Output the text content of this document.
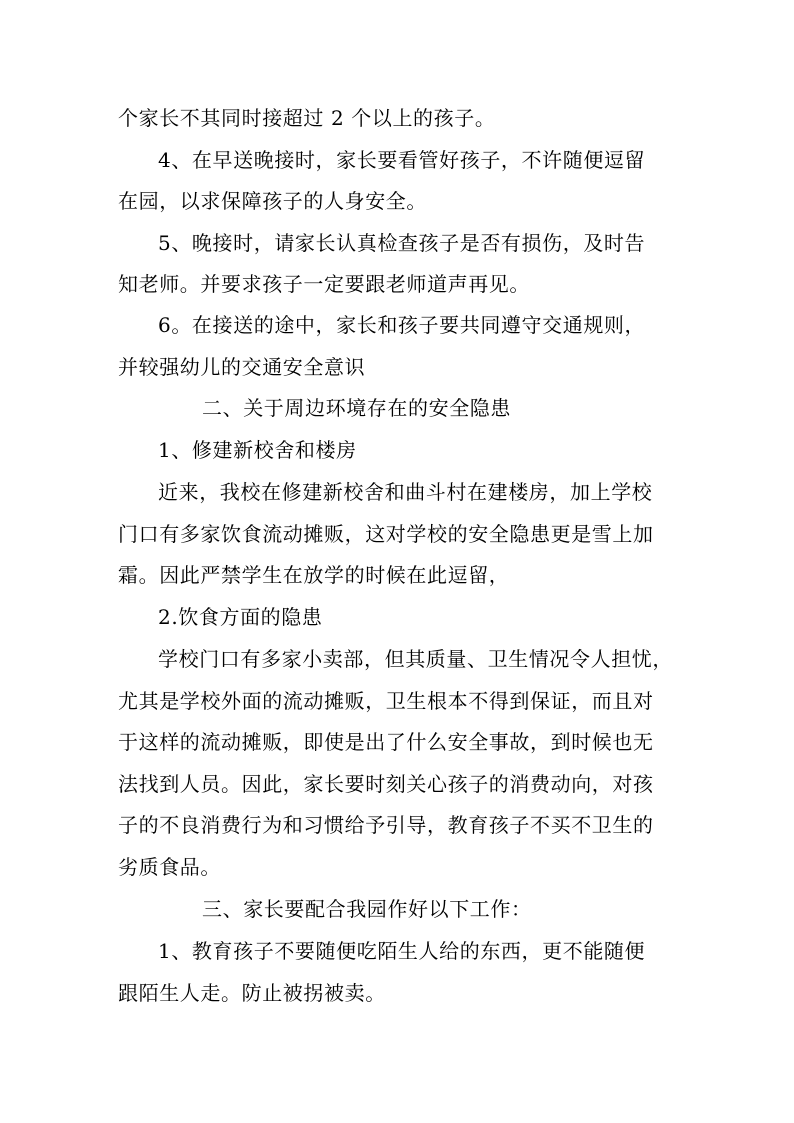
个家长不其同时接超过 2 个以上的孩子。
4、在早送晚接时，家长要看管好孩子，不许随便逗留
在园，以求保障孩子的人身安全。
5、晚接时，请家长认真检查孩子是否有损伤，及时告
知老师。并要求孩子一定要跟老师道声再见。
6。在接送的途中，家长和孩子要共同遵守交通规则，
并较强幼儿的交通安全意识
二、关于周边环境存在的安全隐患
1、修建新校舍和楼房
近来，我校在修建新校舍和曲斗村在建楼房，加上学校
门口有多家饮食流动摊贩，这对学校的安全隐患更是雪上加
霜。因此严禁学生在放学的时候在此逗留，
2.饮食方面的隐患
学校门口有多家小卖部，但其质量、卫生情况令人担忧，
尤其是学校外面的流动摊贩，卫生根本不得到保证，而且对
于这样的流动摊贩，即使是出了什么安全事故，到时候也无
法找到人员。因此，家长要时刻关心孩子的消费动向，对孩
子的不良消费行为和习惯给予引导，教育孩子不买不卫生的
劣质食品。
三、家长要配合我园作好以下工作：
1、教育孩子不要随便吃陌生人给的东西，更不能随便
跟陌生人走。防止被拐被卖。
